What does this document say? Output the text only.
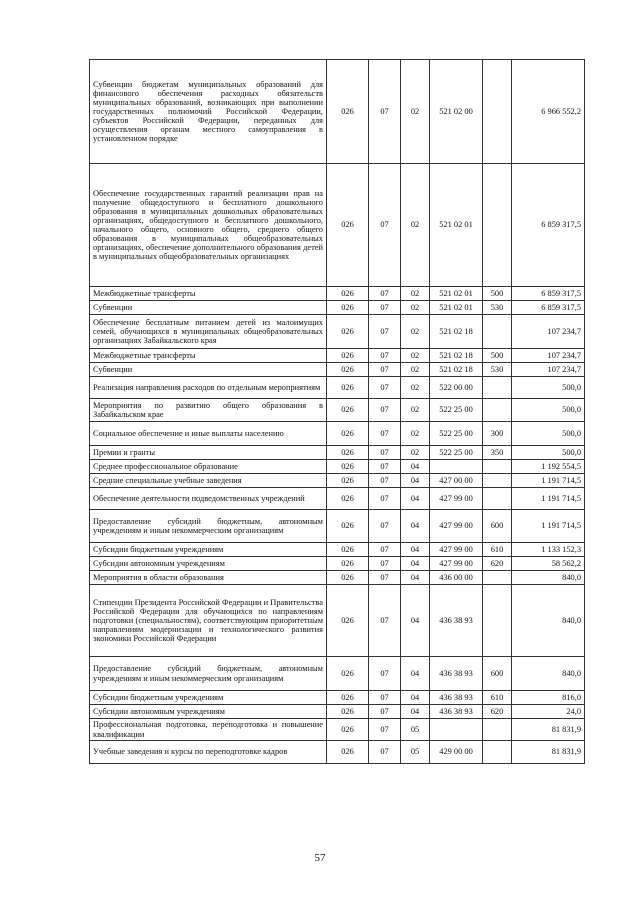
Субвенции бюджетам муниципальных образований для финансового обеспечения расходных обязательств муниципальных образований, возникающих при выполнении государственных полномочий Российской Федерации, субъектов Российской Федерации, переданных для осуществления органам местного самоуправления в установленном порядке	026	07	02	521 02 00		6 966 552,2
Обеспечение государственных гарантий реализации прав на получение общедоступного и бесплатного дошкольного образования в муниципальных дошкольных образовательных организациях, общедоступного и бесплатного дошкольного, начального общего, основного общего, среднего общего образования в муниципальных общеобразовательных организациях, обеспечение дополнительного образования детей в муниципальных общеобразовательных организациях	026	07	02	521 02 01		6 859 317,5
Межбюджетные трансферты	026	07	02	521 02 01	500	6 859 317,5
Субвенции	026	07	02	521 02 01	530	6 859 317,5
Обеспечение бесплатным питанием детей из малоимущих семей, обучающихся в муниципальных общеобразовательных организациях Забайкальского края	026	07	02	521 02 18		107 234,7
Межбюджетные трансферты	026	07	02	521 02 18	500	107 234,7
Субвенции	026	07	02	521 02 18	530	107 234,7
Реализация направления расходов по отдельным мероприятиям	026	07	02	522 00 00		500,0
Мероприятия по развитию общего образования в Забайкальском крае	026	07	02	522 25 00		500,0
Социальное обеспечение и иные выплаты населению	026	07	02	522 25 00	300	500,0
Премии и гранты	026	07	02	522 25 00	350	500,0
Среднее профессиональное образование	026	07	04			1 192 554,5
Средние специальные учебные заведения	026	07	04	427 00 00		1 191 714,5
Обеспечение деятельности подведомственных учреждений	026	07	04	427 99 00		1 191 714,5
Предоставление субсидий бюджетным, автономным учреждениям и иным некоммерческим организациям	026	07	04	427 99 00	600	1 191 714,5
Субсидии бюджетным учреждениям	026	07	04	427 99 00	610	1 133 152,3
Субсидии автономным учреждениям	026	07	04	427 99 00	620	58 562,2
Мероприятия в области образования	026	07	04	436 00 00		840,0
Стипендии Президента Российской Федерации и Правительства Российской Федерации для обучающихся по направлениям подготовки (специальностям), соответствующим приоритетным направлениям модернизации и технологического развития экономики Российской Федерации	026	07	04	436 38 93		840,0
Предоставление субсидий бюджетным, автономным учреждениям и иным некоммерческим организациям	026	07	04	436 38 93	600	840,0
Субсидии бюджетным учреждениям	026	07	04	436 38 93	610	816,0
Субсидии автономным учреждениям	026	07	04	436 38 93	620	24,0
Профессиональная подготовка, переподготовка и повышение квалификации	026	07	05			81 831,9
Учебные заведения и курсы по переподготовке кадров	026	07	05	429 00 00		81 831,9
57
